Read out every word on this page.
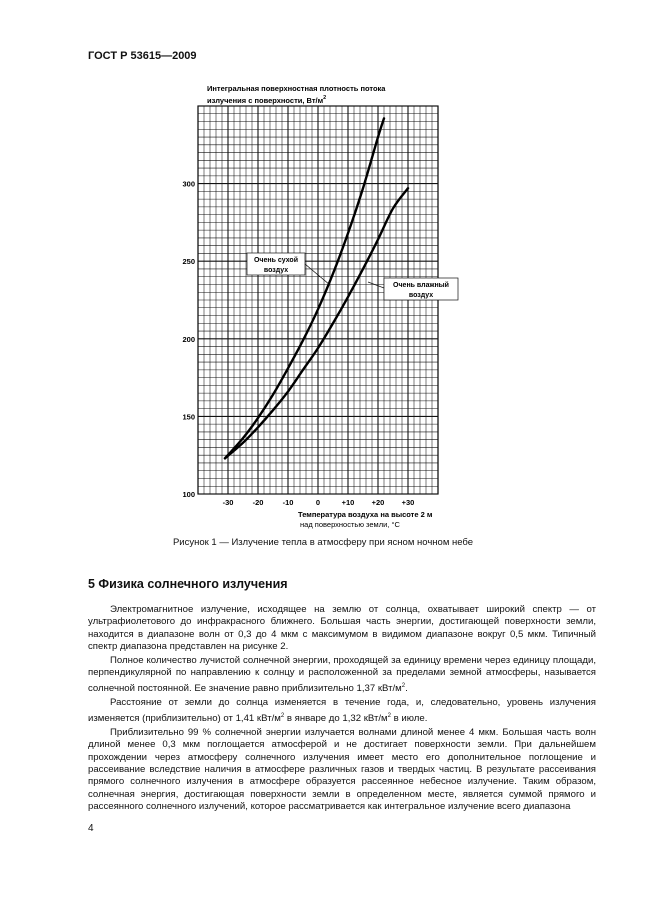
ГОСТ Р 53615—2009
-30	-20	-10	0	+10 +20 +30
100
150
200
250
300
Интегральная поверхностная плотность потока
излучения с поверхности, $Вт/м^2$
Температура воздуха на высоте 2 м
над поверхностью земли, °С
Очень сухой
воздух
Очень влажный
воздух
Рисунок 1 — Излучение тепла в атмосферу при ясном ночном небе
5 Физика солнечного излучения

Электромагнитное излучение, исходящее на землю от солнца, охватывает широкий спектр — от ультрафиолетового до инфракрасного ближнего. Большая часть энергии, достигающей поверхности земли, находится в диапазоне волн от 0,3 до 4 мкм с максимумом в видимом диапазоне вокруг 0,5 мкм. Типичный спектр диапазона представлен на рисунке 2.

Полное количество лучистой солнечной энергии, проходящей за единицу времени через единицу площади, перпендикулярной по направлению к солнцу и расположенной за пределами земной атмосферы, называется солнечной постоянной. Ее значение равно приблизительно 1,37 кВт/$м^2$.

Расстояние от земли до солнца изменяется в течение года, и, следовательно, уровень излучения изменяется (приблизительно) от 1,41 кВт/$м^2$ в январе до 1,32 кВт/$м^2$ в июле.

Приблизительно 99 % солнечной энергии излучается волнами длиной менее 4 мкм. Большая часть волн длиной менее 0,3 мкм поглощается атмосферой и не достигает поверхности земли. При дальнейшем прохождении через атмосферу солнечного излучения имеет место его дополнительное поглощение и рассеивание вследствие наличия в атмосфере различных газов и твердых частиц. В результате рассеивания прямого солнечного излучения в атмосфере образуется рассеянное небесное излучение. Таким образом, солнечная энергия, достигающая поверхности земли в определенном месте, является суммой прямого и рассеянного солнечного излучений, которое рассматривается как интегральное излучение всего диапазона

4
